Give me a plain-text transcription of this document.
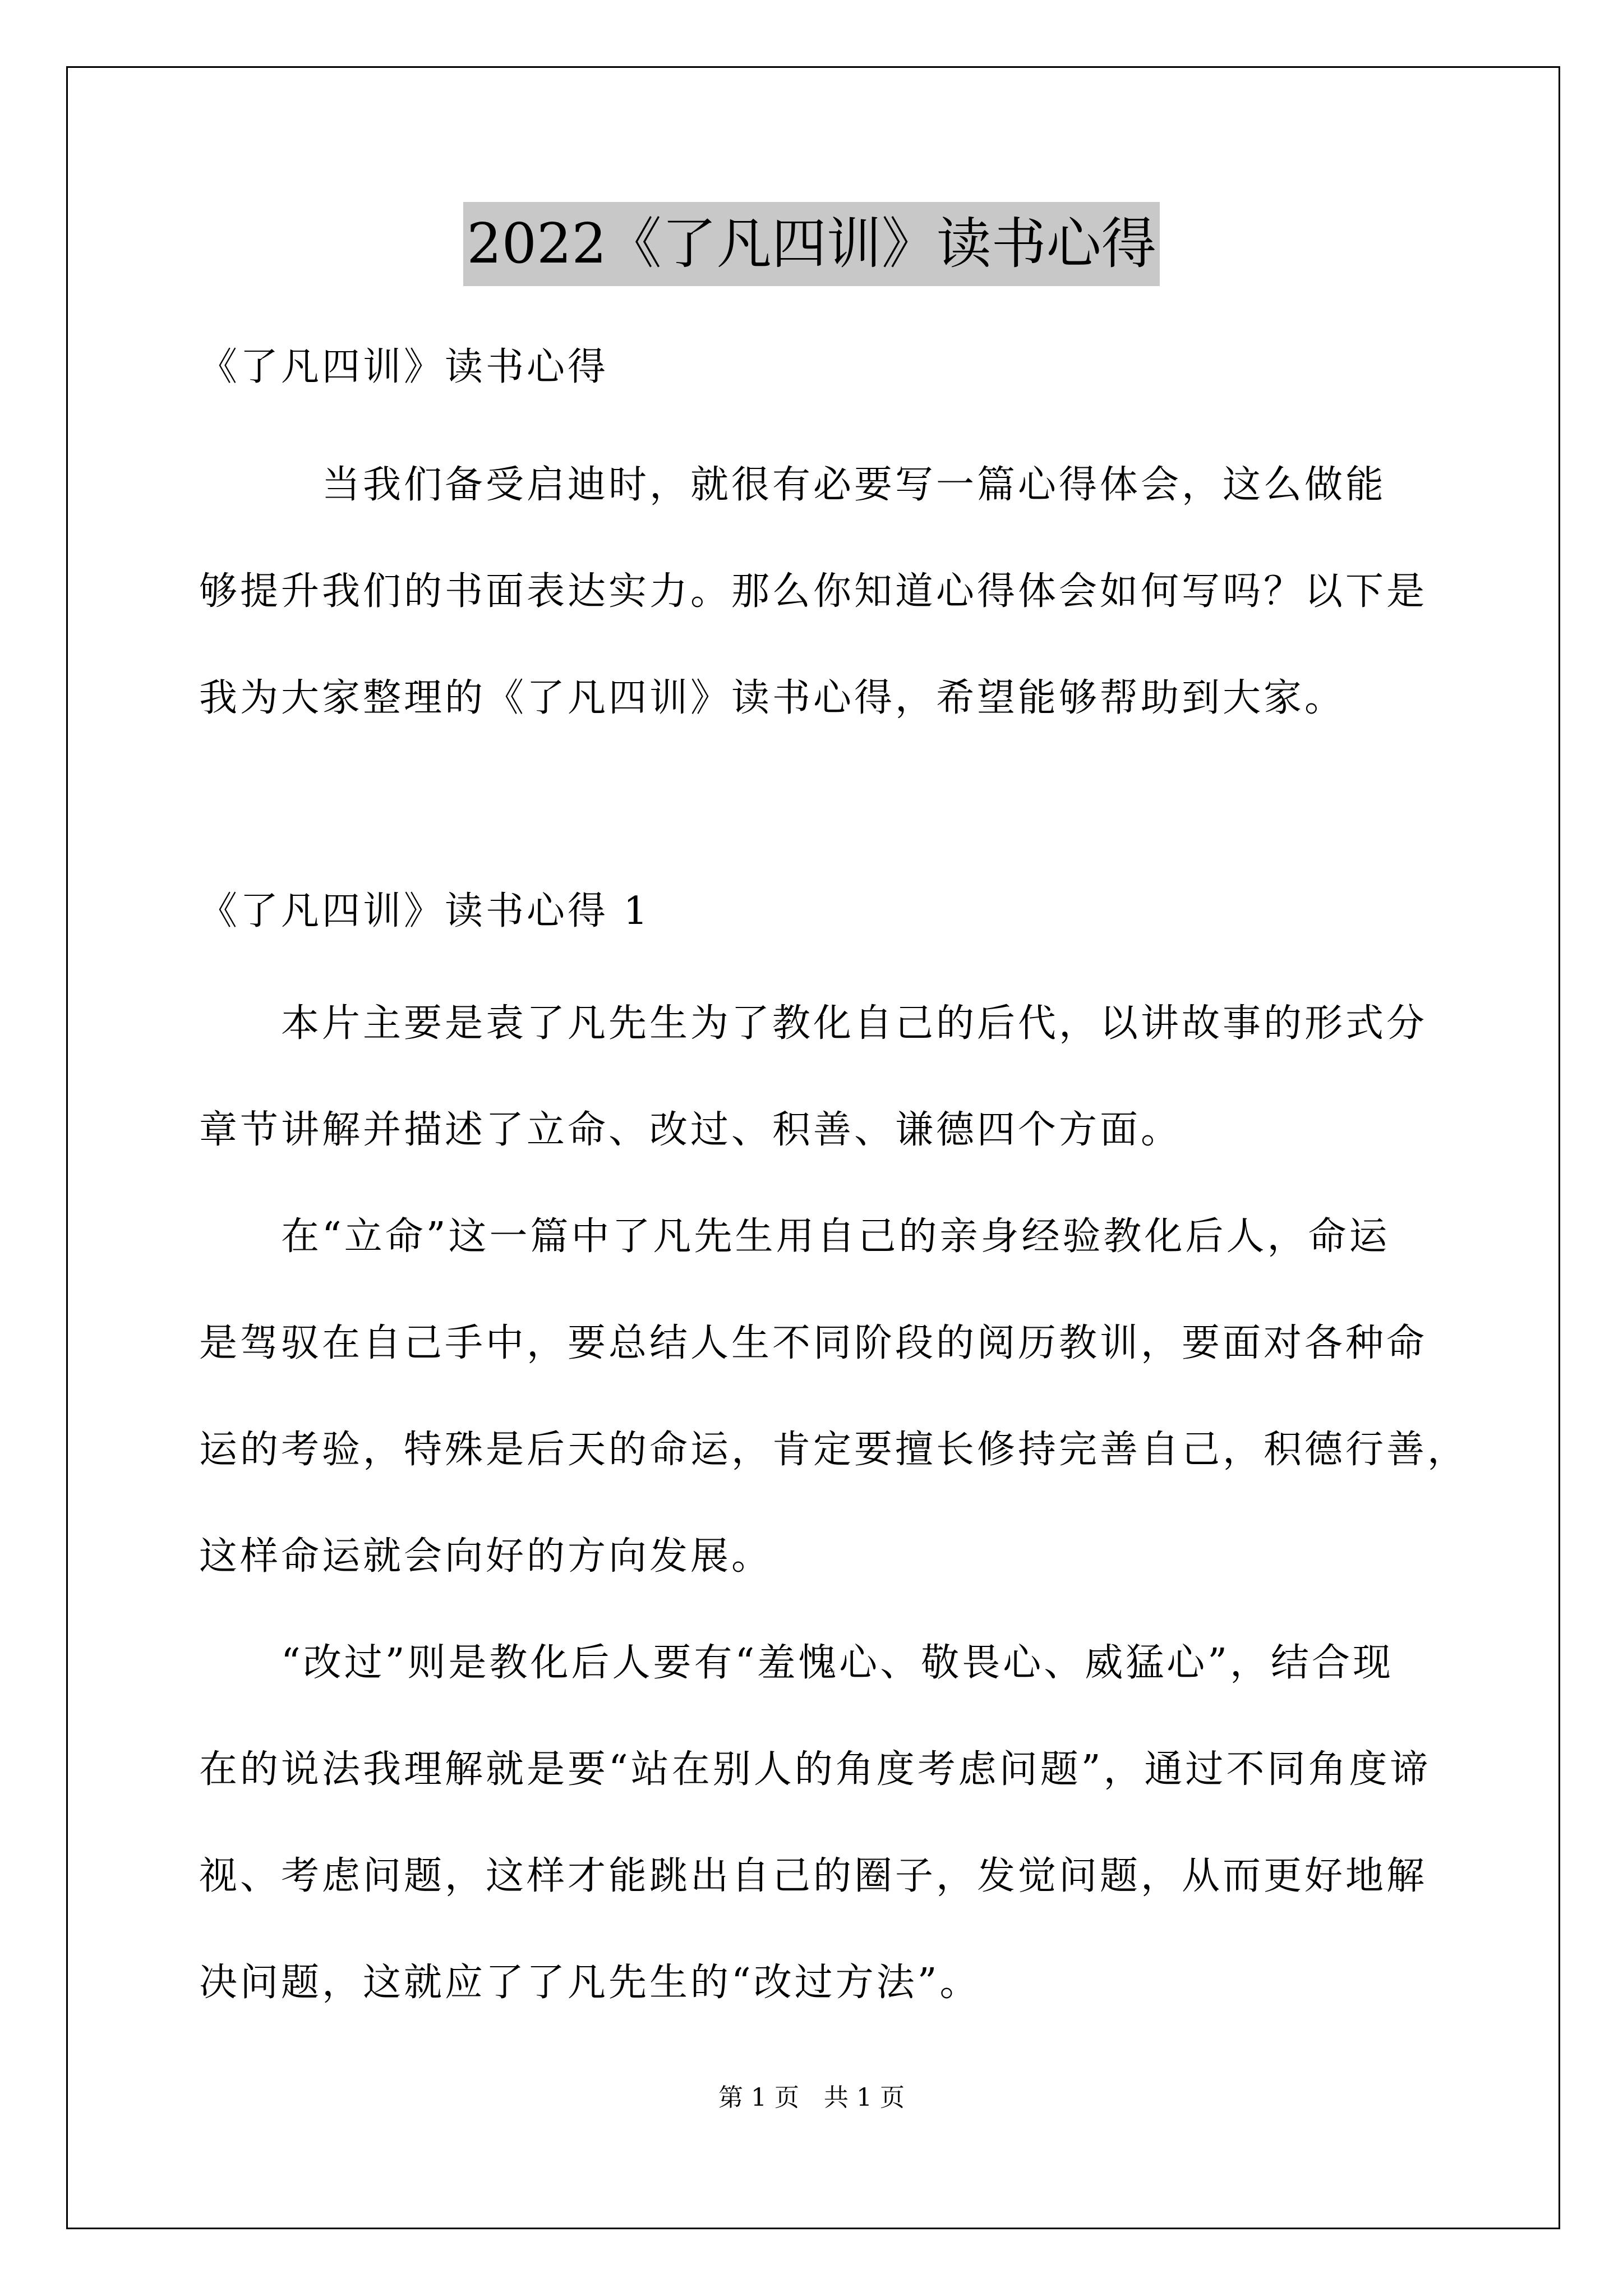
2022《了凡四训》读书心得
《了凡四训》读书心得
　　　当我们备受启迪时，就很有必要写一篇心得体会，这么做能
够提升我们的书面表达实力。那么你知道心得体会如何写吗？以下是
我为大家整理的《了凡四训》读书心得，希望能够帮助到大家。
《了凡四训》读书心得 1
　　本片主要是袁了凡先生为了教化自己的后代，以讲故事的形式分
章节讲解并描述了立命、改过、积善、谦德四个方面。
　　在“立命”这一篇中了凡先生用自己的亲身经验教化后人，命运
是驾驭在自己手中，要总结人生不同阶段的阅历教训，要面对各种命
运的考验，特殊是后天的命运，肯定要擅长修持完善自己，积德行善，
这样命运就会向好的方向发展。
　　“改过”则是教化后人要有“羞愧心、敬畏心、威猛心”，结合现
在的说法我理解就是要“站在别人的角度考虑问题”，通过不同角度谛
视、考虑问题，这样才能跳出自己的圈子，发觉问题，从而更好地解
决问题，这就应了了凡先生的“改过方法”。
第 1 页　共 1 页
